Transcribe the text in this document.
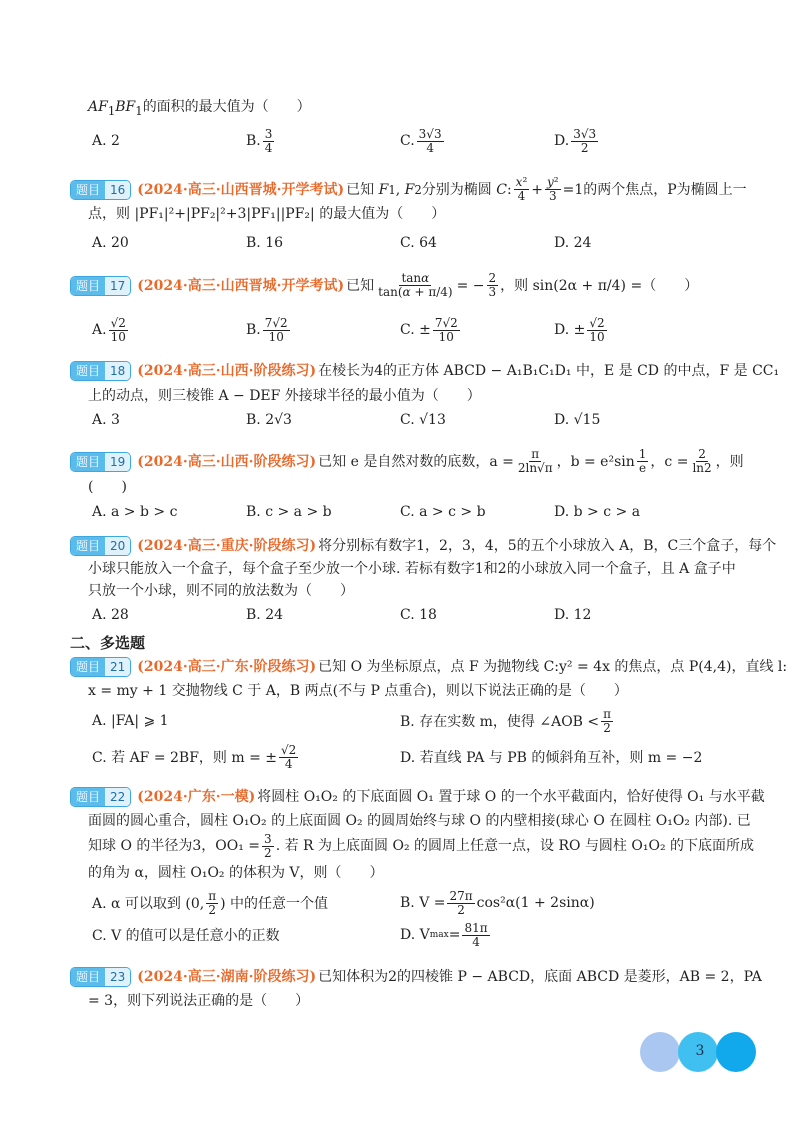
$AF_1BF_1$的面积的最大值为（　　）
A. 2	B. $\frac{3}{4}$	C. $\frac{3√3}{4}$	D. $\frac{3√3}{2}$
题目 16 (2024·高三·山西晋城·开学考试) 已知
F 1 , F 2 分别为椭圆
C : $\frac{\text{x²}}{4} + \frac{\text{y²}}{3} =1$的两个焦点，P为椭圆上一
点，则 |PF₁|²+|PF₂|²+3|PF₁||PF₂| 的最大值为（　　）
A. 20	B. 16	C. 64	D. 24
题目 17 (2024·高三·山西晋城·开学考试) 已知 $\frac{\tan\alpha}{\tan(\alpha + \pi/4)}$ = − $\frac{2}{3}$ ，则 sin(2α + π/4) =（　　）
A. $\frac{√2}{10}$	B. $\frac{7√2}{10}$	C. ± $\frac{7√2}{10}$	D. ± $\frac{√2}{10}$
题目 18 (2024·高三·山西·阶段练习) 在棱长为4的正方体 ABCD − A₁B₁C₁D₁ 中，E 是 CD 的中点，F 是 CC₁
上的动点，则三棱锥 A − DEF 外接球半径的最小值为（　　）
A. 3	B. 2√3	C. √13	D. √15
题目 19 (2024·高三·山西·阶段练习) 已知 e 是自然对数的底数，$a = \frac{\pi}{2\ln√\pi}$ ，$b = e^2\sin \frac{1}{e}$ ，$c = \frac{2}{\ln 2}$ ，则
(　　)
A. a > b > c	B. c > a > b	C. a > c > b	D. b > c > a
题目 20 (2024·高三·重庆·阶段练习) 将分别标有数字1，2，3，4，5的五个小球放入 A，B，C三个盒子，每个
小球只能放入一个盒子，每个盒子至少放一个小球. 若标有数字1和2的小球放入同一个盒子，且 A 盒子中
只放一个小球，则不同的放法数为（　　）
A. 28	B. 24	C. 18	D. 12
二、多选题
题目 21 (2024·高三·广东·阶段练习) 已知 O 为坐标原点，点 F 为抛物线 C:y² = 4x 的焦点，点 P(4,4)，直线 l:
x = my + 1 交抛物线 C 于 A，B 两点(不与 P 点重合)，则以下说法正确的是（　　）
A. |FA| ⩾ 1	B. 存在实数 m，使得 ∠AOB < $\frac{\pi}{2}$
C. 若 AF = 2BF，则 m = ± $\frac{√2}{4}$	D. 若直线 PA 与 PB 的倾斜角互补，则 m = −2
题目 22 (2024·广东·一模) 将圆柱 O₁O₂ 的下底面圆 O₁ 置于球 O 的一个水平截面内，恰好使得 O₁ 与水平截
面圆的圆心重合，圆柱 O₁O₂ 的上底面圆 O₂ 的圆周始终与球 O 的内壁相接(球心 O 在圆柱 O₁O₂ 内部). 已
知球 O 的半径为3，$OO_1 = \frac{3}{2}$ . 若 R 为上底面圆 O₂ 的圆周上任意一点，设 RO 与圆柱 O₁O₂ 的下底面所成
的角为 α，圆柱 O₁O₂ 的体积为 V，则（　　）
A. α 可以取到 (0, $\frac{\pi}{2}$ ) 中的任意一个值	B. $V = \frac{27\pi}{2} \cos^2\alpha(1 + 2\sin\alpha)$
C. V 的值可以是任意小的正数	D. V $\max = \frac{81\pi}{4}$
题目 23 (2024·高三·湖南·阶段练习) 已知体积为2的四棱锥 P − ABCD，底面 ABCD 是菱形，AB = 2，PA
= 3，则下列说法正确的是（　　）
3
